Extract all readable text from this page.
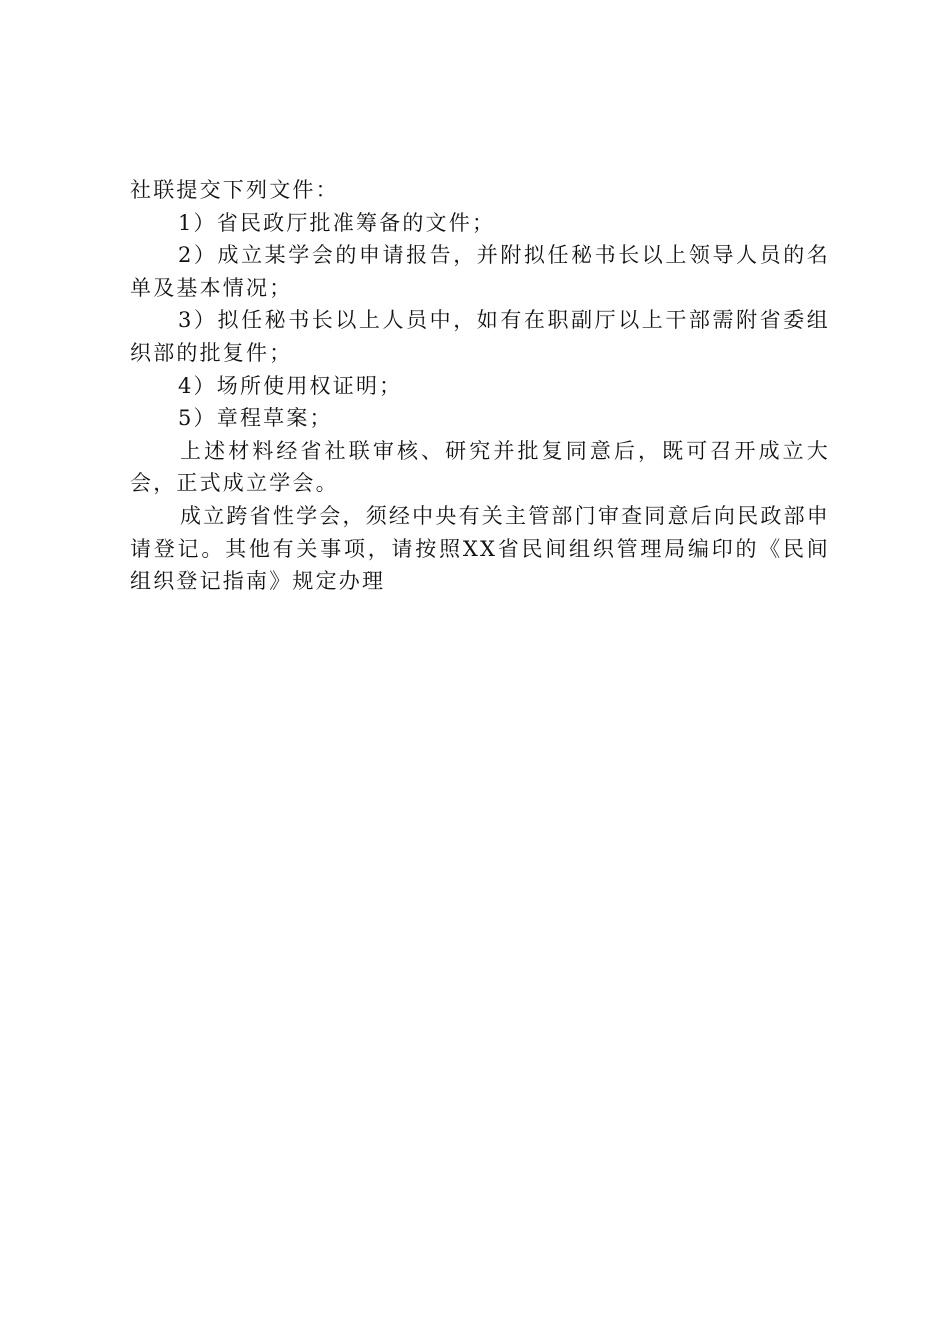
社联提交下列文件：

1）省民政厅批准筹备的文件；

2）成立某学会的申请报告，并附拟任秘书长以上领导人员的名单及基本情况；

3）拟任秘书长以上人员中，如有在职副厅以上干部需附省委组织部的批复件；

4）场所使用权证明；

5）章程草案；

上述材料经省社联审核、研究并批复同意后，既可召开成立大会，正式成立学会。

成立跨省性学会，须经中央有关主管部门审查同意后向民政部申请登记。其他有关事项，请按照XX省民间组织管理局编印的《民间组织登记指南》规定办理
